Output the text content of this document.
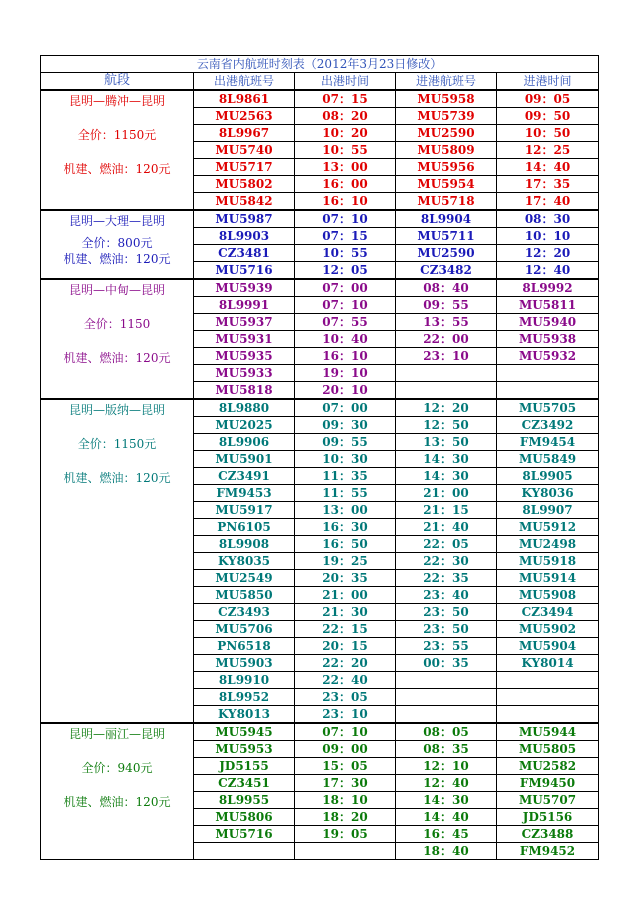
云南省内航班时刻表（2012年3月23日修改）				
航段	出港航班号	出港时间	进港航班号	进港时间

昆明—腾冲—昆明
全价：1150元
机建、燃油：120元	8L9861	07：15	MU5958	09：05
	MU2563	08：20	MU5739	09：50
	8L9967	10：20	MU2590	10：50
	MU5740	10：55	MU5809	12：25
	MU5717	13：00	MU5956	14：40
	MU5802	16：00	MU5954	17：35
	MU5842	16：10	MU5718	17：40

昆明—大理—昆明
全价：800元
机建、燃油：120元	MU5987	07：10	8L9904	08：30
	8L9903	07：15	MU5711	10：10
	CZ3481	10：55	MU2590	12：20
	MU5716	12：05	CZ3482	12：40

昆明—中甸—昆明
全价：1150
机建、燃油：120元	MU5939	07：00	08：40	8L9992
	8L9991	07：10	09：55	MU5811
	MU5937	07：55	13：55	MU5940
	MU5931	10：40	22：00	MU5938
	MU5935	16：10	23：10	MU5932
	MU5933	19：10		
	MU5818	20：10		

昆明—版纳—昆明
全价：1150元
机建、燃油：120元	8L9880	07：00	12：20	MU5705
	MU2025	09：30	12：50	CZ3492
	8L9906	09：55	13：50	FM9454
	MU5901	10：30	14：30	MU5849
	CZ3491	11：35	14：30	8L9905
	FM9453	11：55	21：00	KY8036
	MU5917	13：00	21：15	8L9907
	PN6105	16：30	21：40	MU5912
	8L9908	16：50	22：05	MU2498
	KY8035	19：25	22：30	MU5918
	MU2549	20：35	22：35	MU5914
	MU5850	21：00	23：40	MU5908
	CZ3493	21：30	23：50	CZ3494
	MU5706	22：15	23：50	MU5902
	PN6518	20：15	23：55	MU5904
	MU5903	22：20	00：35	KY8014
	8L9910	22：40		
	8L9952	23：05		
	KY8013	23：10		

昆明—丽江—昆明
全价：940元
机建、燃油：120元	MU5945	07：10	08：05	MU5944
	MU5953	09：00	08：35	MU5805
	JD5155	15：05	12：10	MU2582
	CZ3451	17：30	12：40	FM9450
	8L9955	18：10	14：30	MU5707
	MU5806	18：20	14：40	JD5156
	MU5716	19：05	16：45	CZ3488
			18：40	FM9452
